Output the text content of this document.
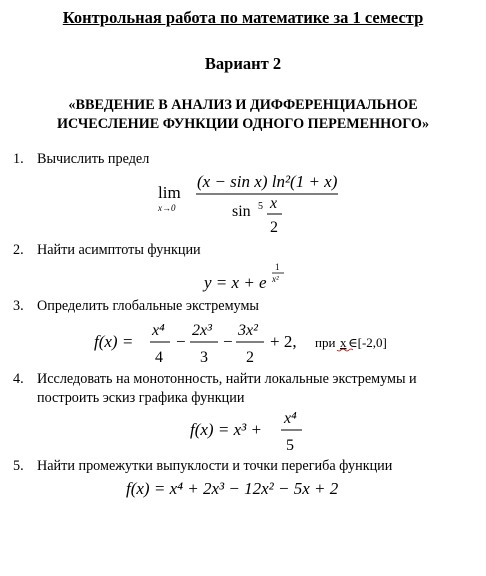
Контрольная работа по математике за 1 семестр
Вариант 2
«ВВЕДЕНИЕ В АНАЛИЗ И ДИФФЕРЕНЦИАЛЬНОЕ
ИСЧЕСЛЕНИЕ ФУНКЦИИ ОДНОГО ПЕРЕМЕННОГО»
1. Вычислить предел
lim
x→0
(x − sin x) ln²(1 + x)
sin 5 x
2
2. Найти асимптоты функции
y = x + e
1
x²
3. Определить глобальные экстремумы
f(x) =
x⁴
4
−
2x³
3
−
3x²
2
+ 2, при x ∈[-2,0]
4. Исследовать на монотонность, найти локальные экстремумы и
построить эскиз графика функции
f(x) = x³ +
x⁴
5
5. Найти промежутки выпуклости и точки перегиба функции
f(x) = x⁴ + 2x³ − 12x² − 5x + 2
